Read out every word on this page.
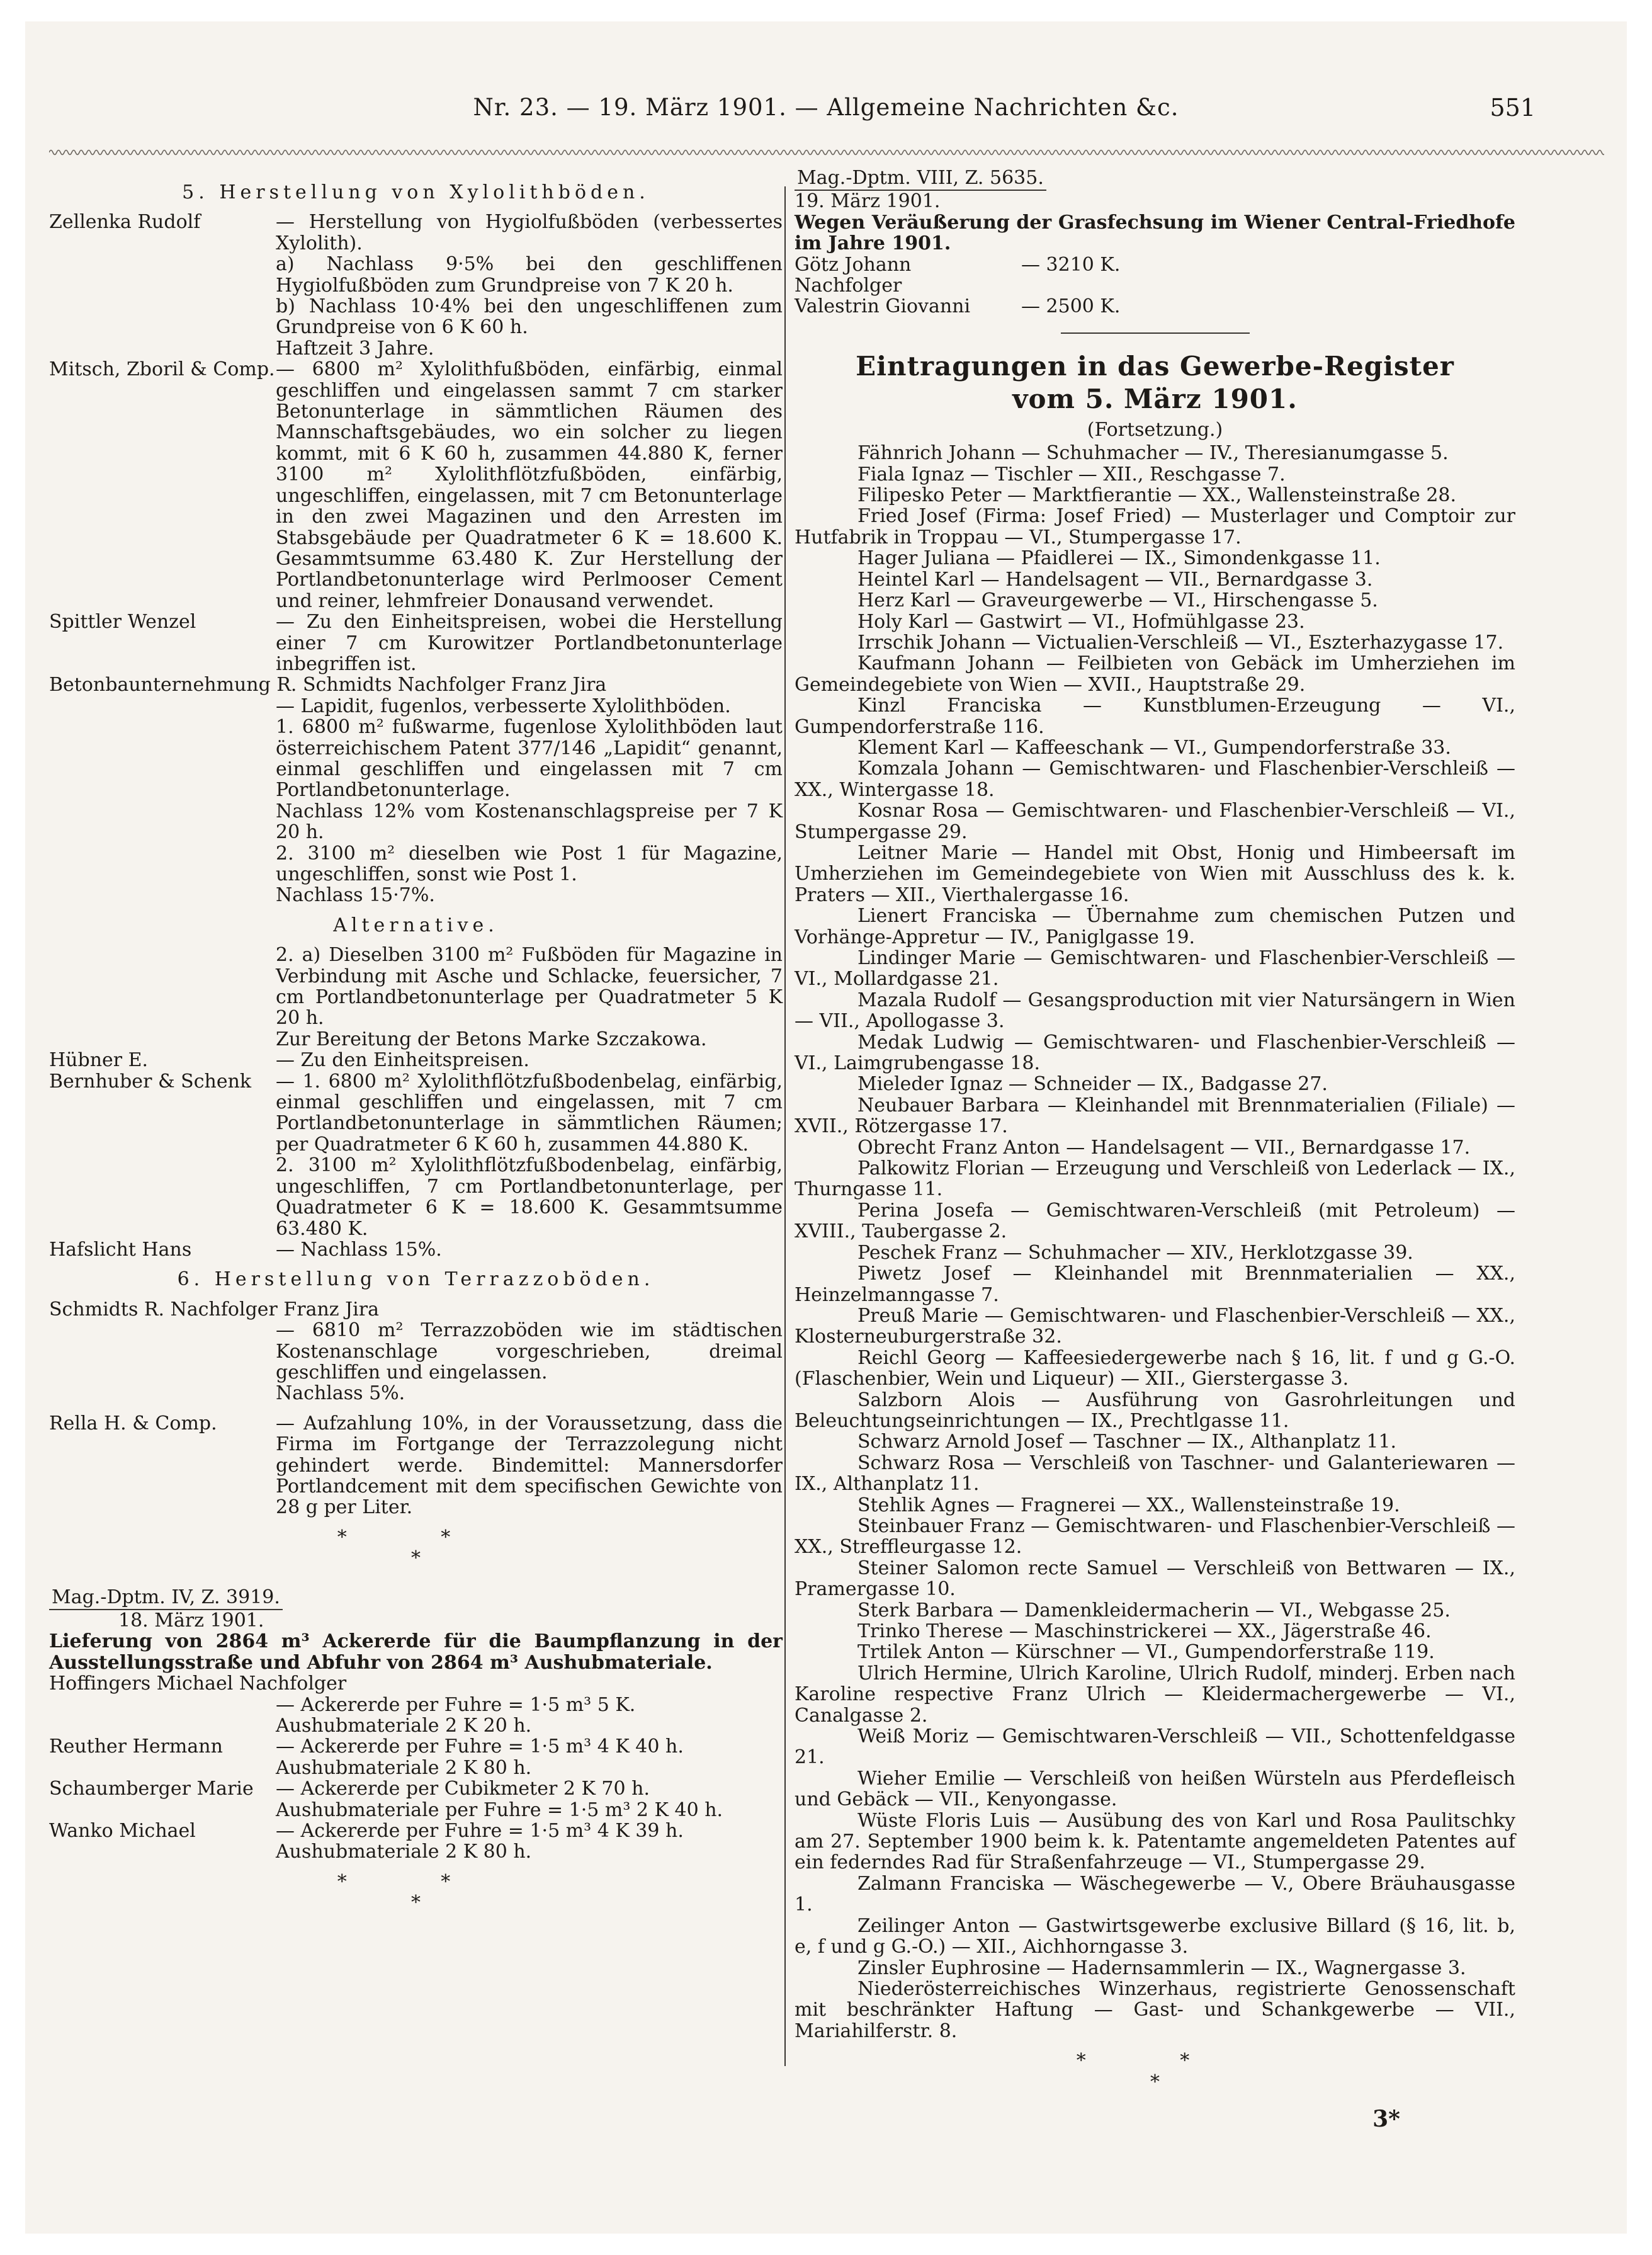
Nr. 23. — 19. März 1901. — Allgemeine Nachrichten &c.	551
5. Herstellung von Xylolithböden.
Zellenka Rudolf	— Herstellung von Hygiolfußböden (verbessertes Xylolith).
a) Nachlass 9·5% bei den geschliffenen Hygiolfußböden zum Grundpreise von 7 K 20 h.
b) Nachlass 10·4% bei den ungeschliffenen zum Grundpreise von 6 K 60 h.
Haftzeit 3 Jahre.
Mitsch, Zboril & Comp. — 6800 m² Xylolithfußböden, einfärbig, einmal geschliffen und eingelassen sammt 7 cm starker Betonunterlage in sämmtlichen Räumen des Mannschaftsgebäudes, wo ein solcher zu liegen kommt, mit 6 K 60 h, zusammen 44.880 K, ferner 3100 m² Xylolithflötzfußböden, einfärbig, ungeschliffen, eingelassen, mit 7 cm Betonunterlage in den zwei Magazinen und den Arresten im Stabsgebäude per Quadratmeter 6 K = 18.600 K. Gesammtsumme 63.480 K. Zur Herstellung der Portlandbetonunterlage wird Perlmooser Cement und reiner, lehmfreier Donausand verwendet.
Spittler Wenzel	— Zu den Einheitspreisen, wobei die Herstellung einer 7 cm Kurowitzer Portlandbetonunterlage inbegriffen ist.
Betonbaunternehmung R. Schmidts Nachfolger Franz Jira
— Lapidit, fugenlos, verbesserte Xylolithböden.
1. 6800 m² fußwarme, fugenlose Xylolithböden laut österreichischem Patent 377/146 „Lapidit“ genannt, einmal geschliffen und eingelassen mit 7 cm Portlandbetonunterlage.
Nachlass 12% vom Kostenanschlagspreise per 7 K 20 h.
2. 3100 m² dieselben wie Post 1 für Magazine, ungeschliffen, sonst wie Post 1.
Nachlass 15·7%.
Alternative.
2. a) Dieselben 3100 m² Fußböden für Magazine in Verbindung mit Asche und Schlacke, feuersicher, 7 cm Portlandbetonunterlage per Quadratmeter 5 K 20 h.
Zur Bereitung der Betons Marke Szczakowa.
Hübner E.	— Zu den Einheitspreisen.
Bernhuber & Schenk	— 1. 6800 m² Xylolithflötzfußbodenbelag, einfärbig, einmal geschliffen und eingelassen, mit 7 cm Portlandbetonunterlage in sämmtlichen Räumen; per Quadratmeter 6 K 60 h, zusammen 44.880 K.
2. 3100 m² Xylolithflötzfußbodenbelag, einfärbig, ungeschliffen, 7 cm Portlandbetonunterlage, per Quadratmeter 6 K = 18.600 K. Gesammtsumme 63.480 K.
Hafslicht Hans	— Nachlass 15%.
6. Herstellung von Terrazzoböden.
Schmidts R. Nachfolger Franz Jira
— 6810 m² Terrazzoböden wie im städtischen Kostenanschlage vorgeschrieben, dreimal geschliffen und eingelassen.
Nachlass 5%.
Rella H. & Comp.	— Aufzahlung 10%, in der Voraussetzung, dass die Firma im Fortgange der Terrazzolegung nicht gehindert werde. Bindemittel: Mannersdorfer Portlandcement mit dem specifischen Gewichte von 28 g per Liter.
* *
*
Mag.-Dptm. IV, Z. 3919.
18. März 1901.
Lieferung von 2864 m³ Ackererde für die Baumpflanzung in der Ausstellungsstraße und Abfuhr von 2864 m³ Aushubmateriale.
Hoffingers Michael Nachfolger
— Ackererde per Fuhre = 1·5 m³ 5 K.
Aushubmateriale 2 K 20 h.
Reuther Hermann	— Ackererde per Fuhre = 1·5 m³ 4 K 40 h.
Aushubmateriale 2 K 80 h.
Schaumberger Marie	— Ackererde per Cubikmeter 2 K 70 h.
Aushubmateriale per Fuhre = 1·5 m³ 2 K 40 h.
Wanko Michael	— Ackererde per Fuhre = 1·5 m³ 4 K 39 h.
Aushubmateriale 2 K 80 h.
* *
*
Mag.-Dptm. VIII, Z. 5635.
19. März 1901.
Wegen Veräußerung der Grasfechsung im Wiener Central-Friedhofe im Jahre 1901.
Götz Johann Nachfolger
— 3210 K.
Valestrin Giovanni	— 2500 K.
Eintragungen in das Gewerbe-Register
vom 5. März 1901.
(Fortsetzung.)

Fähnrich Johann — Schuhmacher — IV., Theresianumgasse 5.

Fiala Ignaz — Tischler — XII., Reschgasse 7.

Filipesko Peter — Marktfierantie — XX., Wallensteinstraße 28.

Fried Josef (Firma: Josef Fried) — Musterlager und Comptoir zur Hutfabrik in Troppau — VI., Stumpergasse 17.

Hager Juliana — Pfaidlerei — IX., Simondenkgasse 11.

Heintel Karl — Handelsagent — VII., Bernardgasse 3.

Herz Karl — Graveurgewerbe — VI., Hirschengasse 5.

Holy Karl — Gastwirt — VI., Hofmühlgasse 23.

Irrschik Johann — Victualien-Verschleiß — VI., Eszterhazygasse 17.

Kaufmann Johann — Feilbieten von Gebäck im Umherziehen im Gemeindegebiete von Wien — XVII., Hauptstraße 29.

Kinzl Franciska — Kunstblumen-Erzeugung — VI., Gumpendorferstraße 116.

Klement Karl — Kaffeeschank — VI., Gumpendorferstraße 33.

Komzala Johann — Gemischtwaren- und Flaschenbier-Verschleiß — XX., Wintergasse 18.

Kosnar Rosa — Gemischtwaren- und Flaschenbier-Verschleiß — VI., Stumpergasse 29.

Leitner Marie — Handel mit Obst, Honig und Himbeersaft im Umherziehen im Gemeindegebiete von Wien mit Ausschluss des k. k. Praters — XII., Vierthalergasse 16.

Lienert Franciska — Übernahme zum chemischen Putzen und Vorhänge-Appretur — IV., Paniglgasse 19.

Lindinger Marie — Gemischtwaren- und Flaschenbier-Verschleiß — VI., Mollardgasse 21.

Mazala Rudolf — Gesangsproduction mit vier Natursängern in Wien — VII., Apollogasse 3.

Medak Ludwig — Gemischtwaren- und Flaschenbier-Verschleiß — VI., Laimgrubengasse 18.

Mieleder Ignaz — Schneider — IX., Badgasse 27.

Neubauer Barbara — Kleinhandel mit Brennmaterialien (Filiale) — XVII., Rötzergasse 17.

Obrecht Franz Anton — Handelsagent — VII., Bernardgasse 17.

Palkowitz Florian — Erzeugung und Verschleiß von Lederlack — IX., Thurngasse 11.

Perina Josefa — Gemischtwaren-Verschleiß (mit Petroleum) — XVIII., Taubergasse 2.

Peschek Franz — Schuhmacher — XIV., Herklotzgasse 39.

Piwetz Josef — Kleinhandel mit Brennmaterialien — XX., Heinzelmanngasse 7.

Preuß Marie — Gemischtwaren- und Flaschenbier-Verschleiß — XX., Klosterneuburgerstraße 32.

Reichl Georg — Kaffeesiedergewerbe nach § 16, lit. f und g G.-O. (Flaschenbier, Wein und Liqueur) — XII., Gierstergasse 3.

Salzborn Alois — Ausführung von Gasrohrleitungen und Beleuchtungseinrichtungen — IX., Prechtlgasse 11.

Schwarz Arnold Josef — Taschner — IX., Althanplatz 11.

Schwarz Rosa — Verschleiß von Taschner- und Galanteriewaren — IX., Althanplatz 11.

Stehlik Agnes — Fragnerei — XX., Wallensteinstraße 19.

Steinbauer Franz — Gemischtwaren- und Flaschenbier-Verschleiß — XX., Streffleurgasse 12.

Steiner Salomon recte Samuel — Verschleiß von Bettwaren — IX., Pramergasse 10.

Sterk Barbara — Damenkleidermacherin — VI., Webgasse 25.

Trinko Therese — Maschinstrickerei — XX., Jägerstraße 46.

Trtilek Anton — Kürschner — VI., Gumpendorferstraße 119.

Ulrich Hermine, Ulrich Karoline, Ulrich Rudolf, minderj. Erben nach Karoline respective Franz Ulrich — Kleidermachergewerbe — VI., Canalgasse 2.

Weiß Moriz — Gemischtwaren-Verschleiß — VII., Schottenfeldgasse 21.

Wieher Emilie — Verschleiß von heißen Würsteln aus Pferdefleisch und Gebäck — VII., Kenyongasse.

Wüste Floris Luis — Ausübung des von Karl und Rosa Paulitschky am 27. September 1900 beim k. k. Patentamte angemeldeten Patentes auf ein federndes Rad für Straßenfahrzeuge — VI., Stumpergasse 29.

Zalmann Franciska — Wäschegewerbe — V., Obere Bräuhausgasse 1.

Zeilinger Anton — Gastwirtsgewerbe exclusive Billard (§ 16, lit. b, e, f und g G.-O.) — XII., Aichhorngasse 3.

Zinsler Euphrosine — Hadernsammlerin — IX., Wagnergasse 3.

Niederösterreichisches Winzerhaus, registrierte Genossenschaft mit beschränkter Haftung — Gast- und Schankgewerbe — VII., Mariahilferstr. 8.

* *
*
3*
